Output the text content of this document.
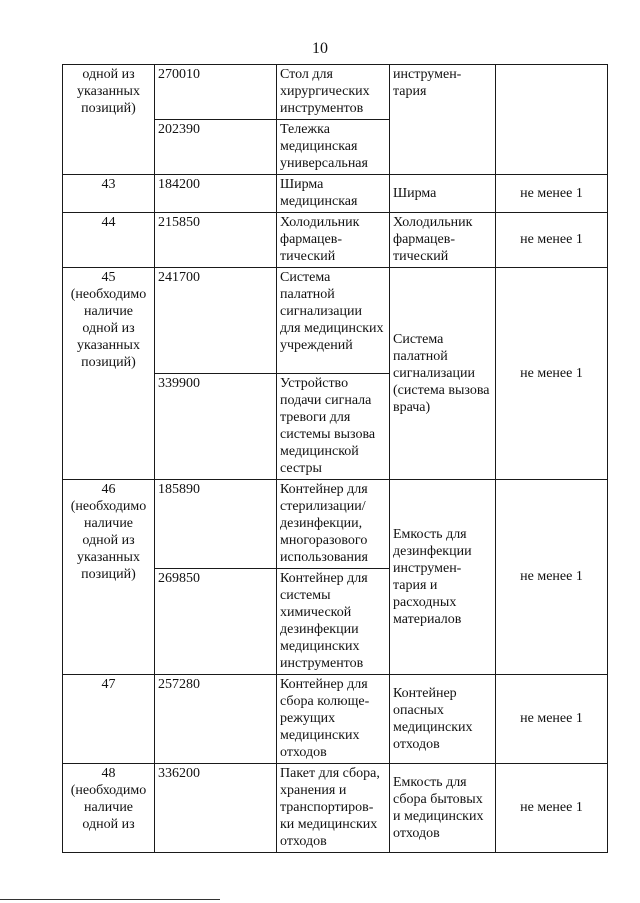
10
одной из указанных позиций)	270010	Стол для хирургических инструментов	инструмен-тария	
	202390	Тележка медицинская универсальная		
43	184200	Ширма медицинская	Ширма	не менее 1
44	215850	Холодильник фармацев-тический	Холодильник фармацев-тический	не менее 1
45 (необходимо наличие одной из указанных позиций)	241700	Система палатной сигнализации для медицинских учреждений	Система палатной сигнализации (система вызова врача)	не менее 1
	339900	Устройство подачи сигнала тревоги для системы вызова медицинской сестры		
46 (необходимо наличие одной из указанных позиций)	185890	Контейнер для стерилизации/ дезинфекции, многоразового использования	Емкость для дезинфекции инструмен-тария и расходных материалов	не менее 1
	269850	Контейнер для системы химической дезинфекции медицинских инструментов		
47	257280	Контейнер для сбора колюще-режущих медицинских отходов	Контейнер опасных медицинских отходов	не менее 1
48 (необходимо наличие одной из	336200	Пакет для сбора, хранения и транспортиров-ки медицинских отходов	Емкость для сбора бытовых и медицинских отходов	не менее 1
